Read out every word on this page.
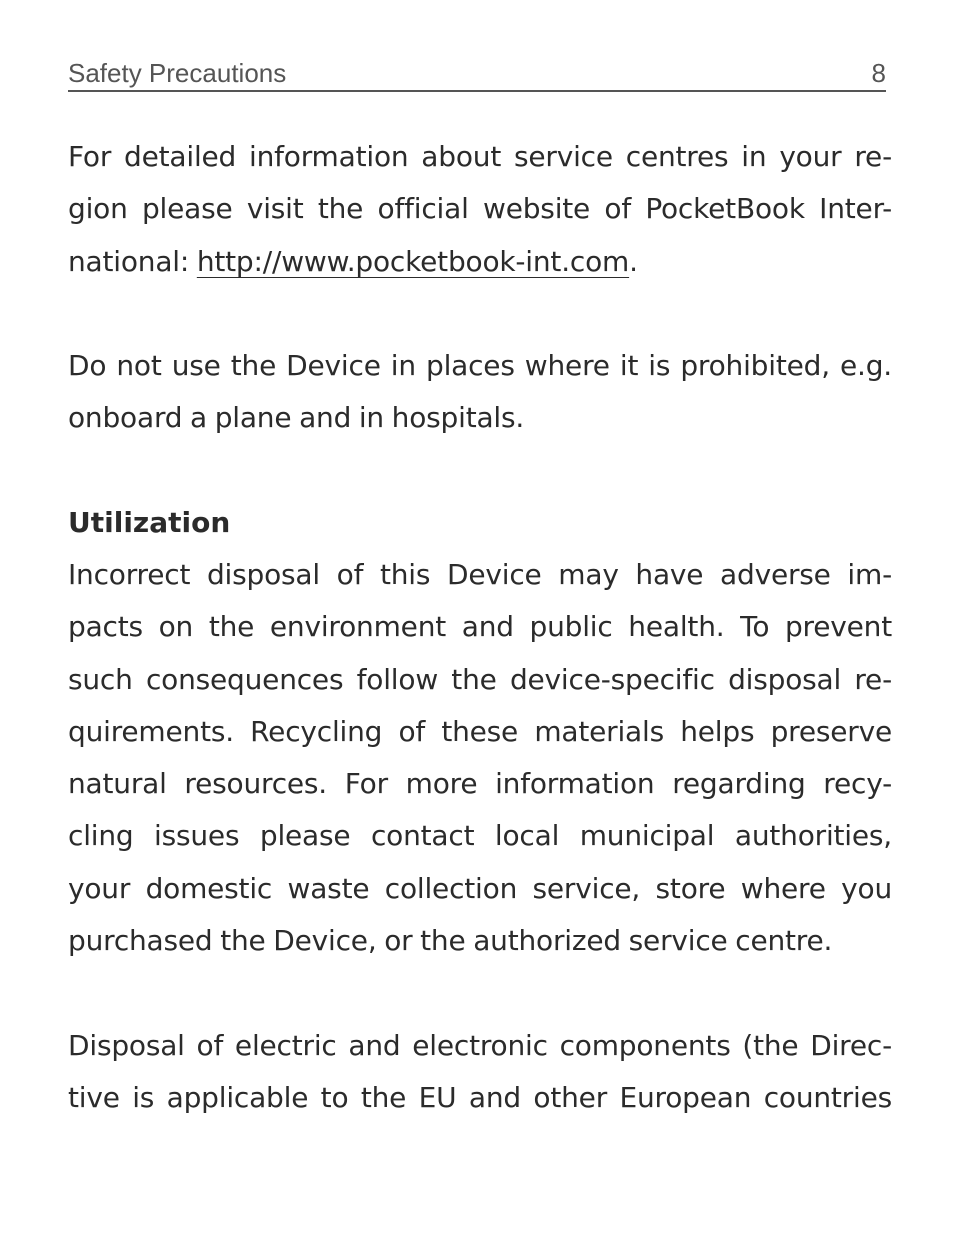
Safety Precautions	8
For detailed information about service centres in your re-
gion please visit the official website of PocketBook Inter-
national: http://www.pocketbook-int.com.
Do not use the Device in places where it is prohibited, e.g.
onboard a plane and in hospitals.
Utilization
Incorrect disposal of this Device may have adverse im-
pacts on the environment and public health. To prevent
such consequences follow the device-specific disposal re-
quirements. Recycling of these materials helps preserve
natural resources. For more information regarding recy-
cling issues please contact local municipal authorities,
your domestic waste collection service, store where you
purchased the Device, or the authorized service centre.
Disposal of electric and electronic components (the Direc-
tive is applicable to the EU and other European countries
